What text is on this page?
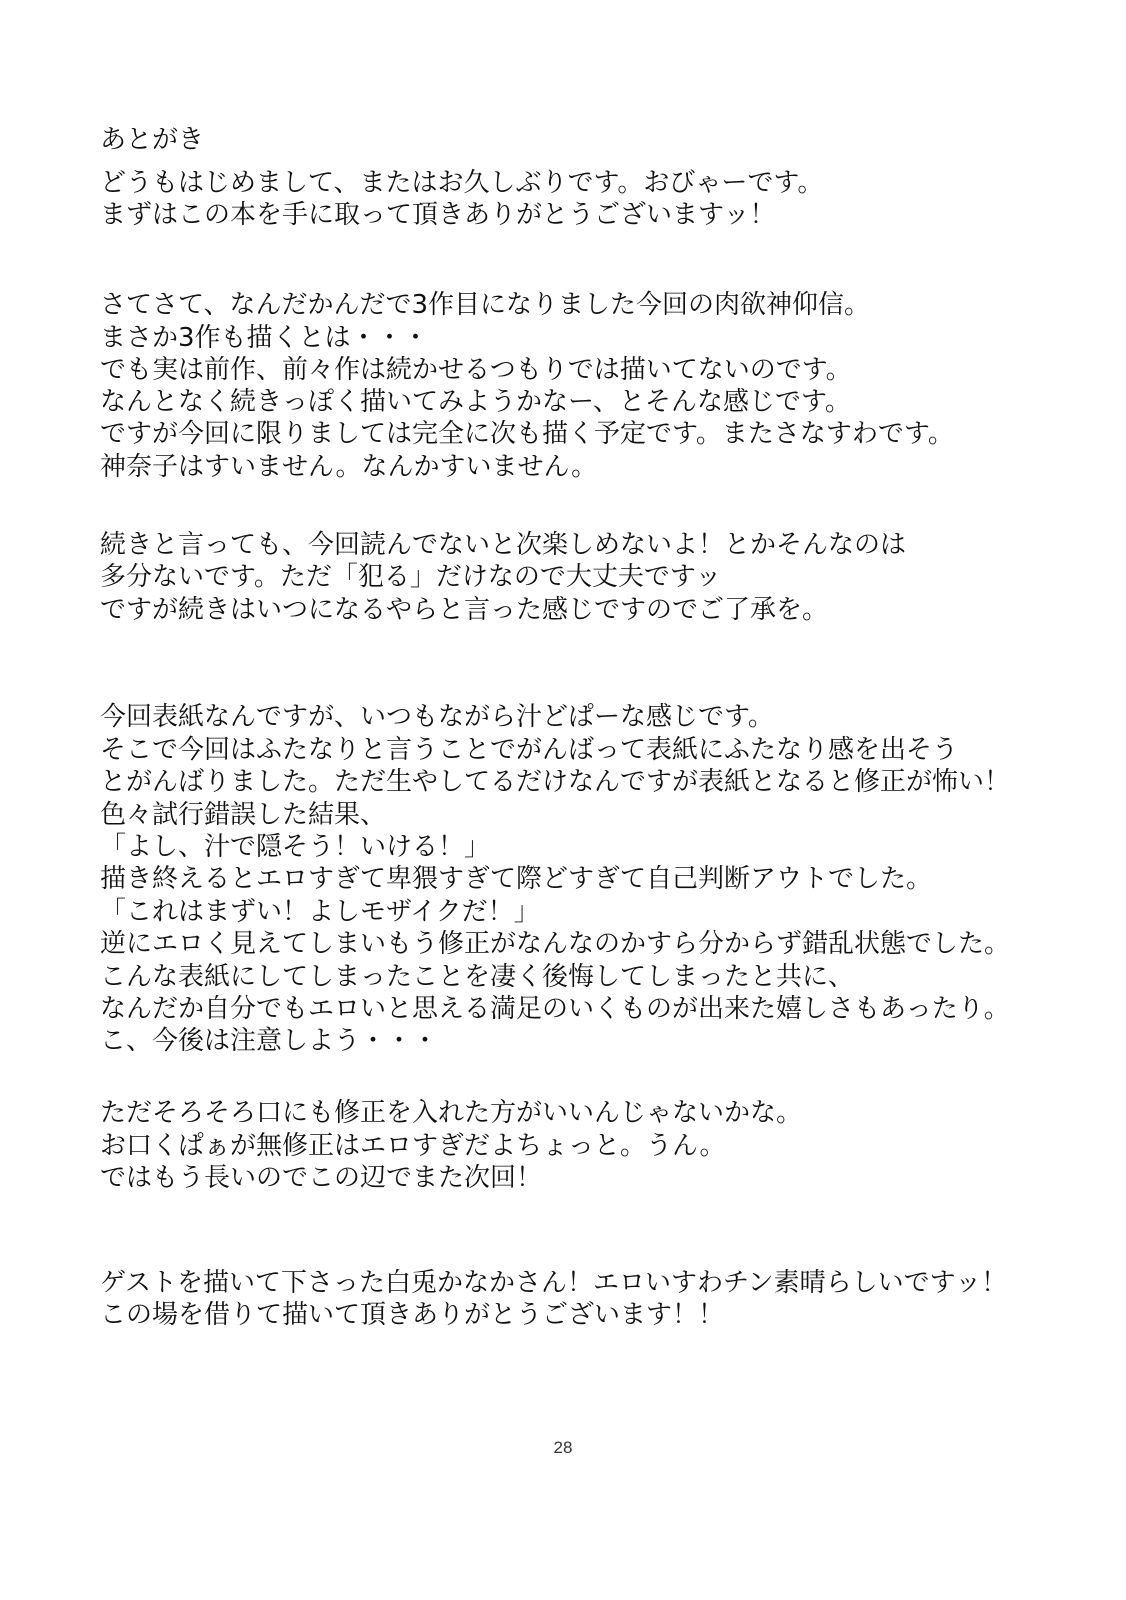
あとがき
どうもはじめまして、またはお久しぶりです。おびゃーです。
まずはこの本を手に取って頂きありがとうございますッ！
さてさて、なんだかんだで3作目になりました今回の肉欲神仰信。
まさか3作も描くとは・・・
でも実は前作、前々作は続かせるつもりでは描いてないのです。
なんとなく続きっぽく描いてみようかなー、とそんな感じです。
ですが今回に限りましては完全に次も描く予定です。またさなすわです。
神奈子はすいません。なんかすいません。
続きと言っても、今回読んでないと次楽しめないよ！とかそんなのは
多分ないです。ただ「犯る」だけなので大丈夫ですッ
ですが続きはいつになるやらと言った感じですのでご了承を。
今回表紙なんですが、いつもながら汁どぱーな感じです。
そこで今回はふたなりと言うことでがんばって表紙にふたなり感を出そう
とがんばりました。ただ生やしてるだけなんですが表紙となると修正が怖い！
色々試行錯誤した結果、
「よし、汁で隠そう！いける！」
描き終えるとエロすぎて卑猥すぎて際どすぎて自己判断アウトでした。
「これはまずい！よしモザイクだ！」
逆にエロく見えてしまいもう修正がなんなのかすら分からず錯乱状態でした。
こんな表紙にしてしまったことを凄く後悔してしまったと共に、
なんだか自分でもエロいと思える満足のいくものが出来た嬉しさもあったり。
こ、今後は注意しよう・・・
ただそろそろ口にも修正を入れた方がいいんじゃないかな。
お口くぱぁが無修正はエロすぎだよちょっと。うん。
ではもう長いのでこの辺でまた次回！
ゲストを描いて下さった白兎かなかさん！エロいすわチン素晴らしいですッ！
この場を借りて描いて頂きありがとうございます！！
28
